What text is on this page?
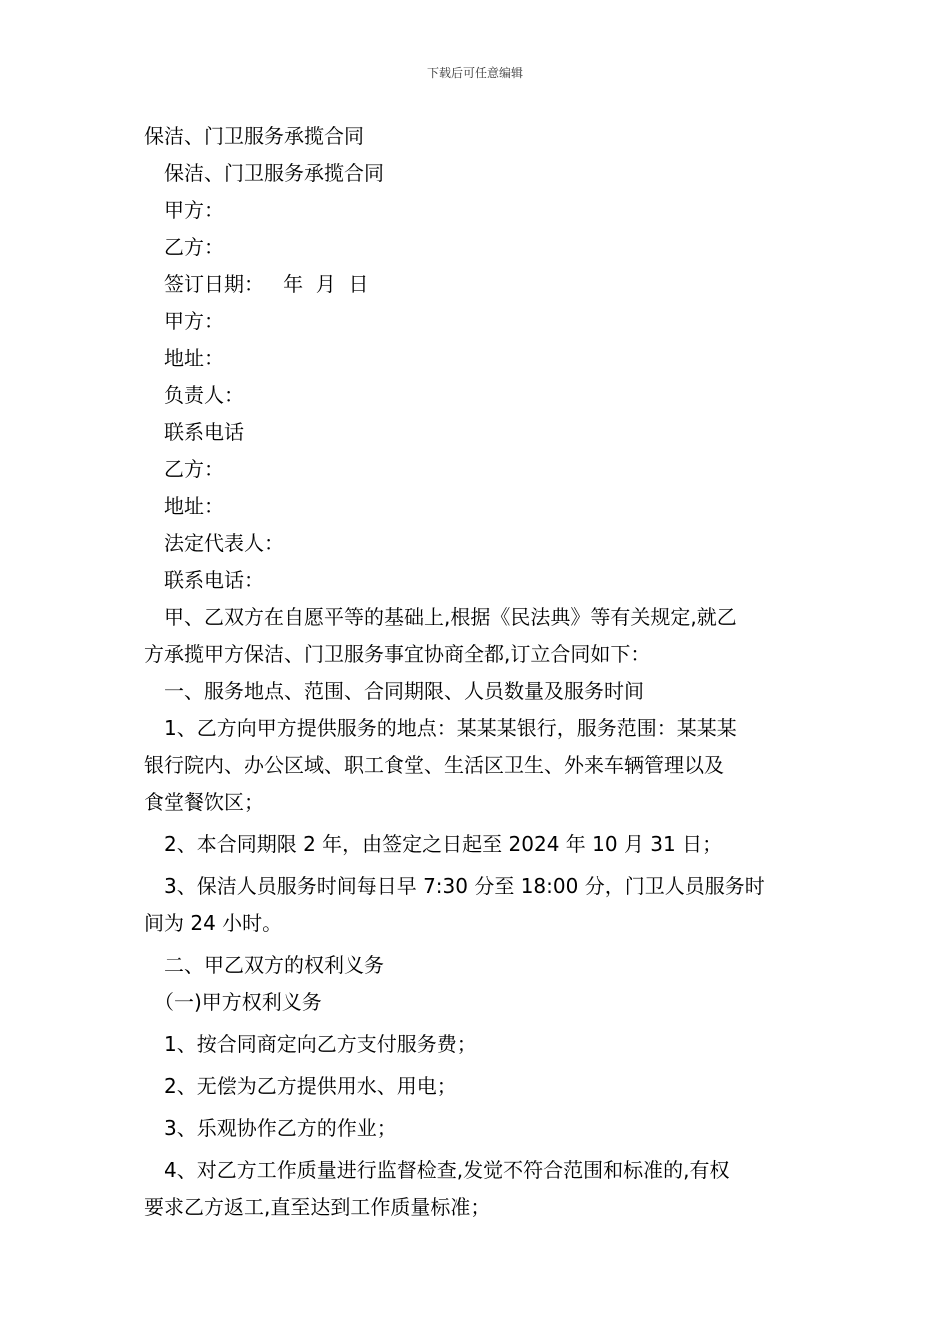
下载后可任意编辑
保洁、门卫服务承揽合同
保洁、门卫服务承揽合同
甲方：
乙方：
签订日期：   年  月  日
甲方：
地址：
负责人：
联系电话
乙方：
地址：
法定代表人：
联系电话：
甲、乙双方在自愿平等的基础上,根据《民法典》等有关规定,就乙
方承揽甲方保洁、门卫服务事宜协商全都,订立合同如下：
一、服务地点、范围、合同期限、人员数量及服务时间
1、乙方向甲方提供服务的地点：某某某银行，服务范围：某某某
银行院内、办公区域、职工食堂、生活区卫生、外来车辆管理以及
食堂餐饮区；
2、本合同期限 2 年，由签定之日起至 2024 年 10 月 31 日；
3、保洁人员服务时间每日早 7:30 分至 18:00 分，门卫人员服务时
间为 24 小时。
二、甲乙双方的权利义务
（一)甲方权利义务
1、按合同商定向乙方支付服务费；
2、无偿为乙方提供用水、用电；
3、乐观协作乙方的作业；
4、对乙方工作质量进行监督检查,发觉不符合范围和标准的,有权
要求乙方返工,直至达到工作质量标准；
